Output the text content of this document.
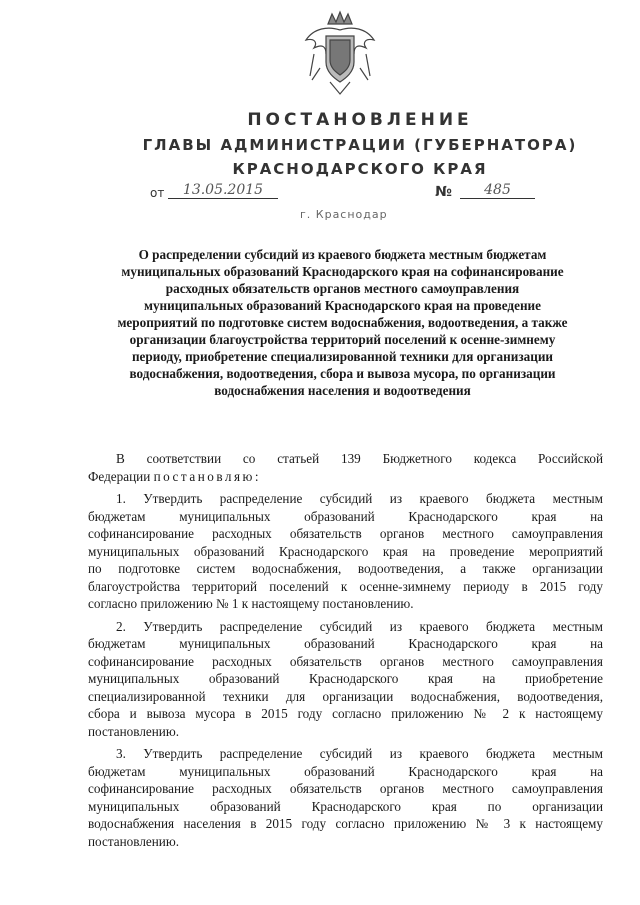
ПОСТАНОВЛЕНИЕ
ГЛАВЫ АДМИНИСТРАЦИИ (ГУБЕРНАТОРА)
КРАСНОДАРСКОГО КРАЯ
от	13.05.2015	№	485
г. Краснодар
О распределении субсидий из краевого бюджета местным бюджетам
муниципальных образований Краснодарского края на софинансирование
расходных обязательств органов местного самоуправления
муниципальных образований Краснодарского края на проведение
мероприятий по подготовке систем водоснабжения, водоотведения, а также
организации благоустройства территорий поселений к осенне-зимнему
периоду, приобретение специализированной техники для организации
водоснабжения, водоотведения, сбора и вывоза мусора, по организации
водоснабжения населения и водоотведения
В соответствии со статьей 139 Бюджетного кодекса Российской
Федерации постановляю:
1. Утвердить распределение субсидий из краевого бюджета местным
бюджетам муниципальных образований Краснодарского края на
софинансирование расходных обязательств органов местного самоуправления
муниципальных образований Краснодарского края на проведение мероприятий
по подготовке систем водоснабжения, водоотведения, а также организации
благоустройства территорий поселений к осенне-зимнему периоду в 2015 году
согласно приложению № 1 к настоящему постановлению.
2. Утвердить распределение субсидий из краевого бюджета местным
бюджетам муниципальных образований Краснодарского края на
софинансирование расходных обязательств органов местного самоуправления
муниципальных образований Краснодарского края на приобретение
специализированной техники для организации водоснабжения, водоотведения,
сбора и вывоза мусора в 2015 году согласно приложению № 2 к настоящему
постановлению.
3. Утвердить распределение субсидий из краевого бюджета местным
бюджетам муниципальных образований Краснодарского края на
софинансирование расходных обязательств органов местного самоуправления
муниципальных образований Краснодарского края по организации
водоснабжения населения в 2015 году согласно приложению № 3 к настоящему
постановлению.
